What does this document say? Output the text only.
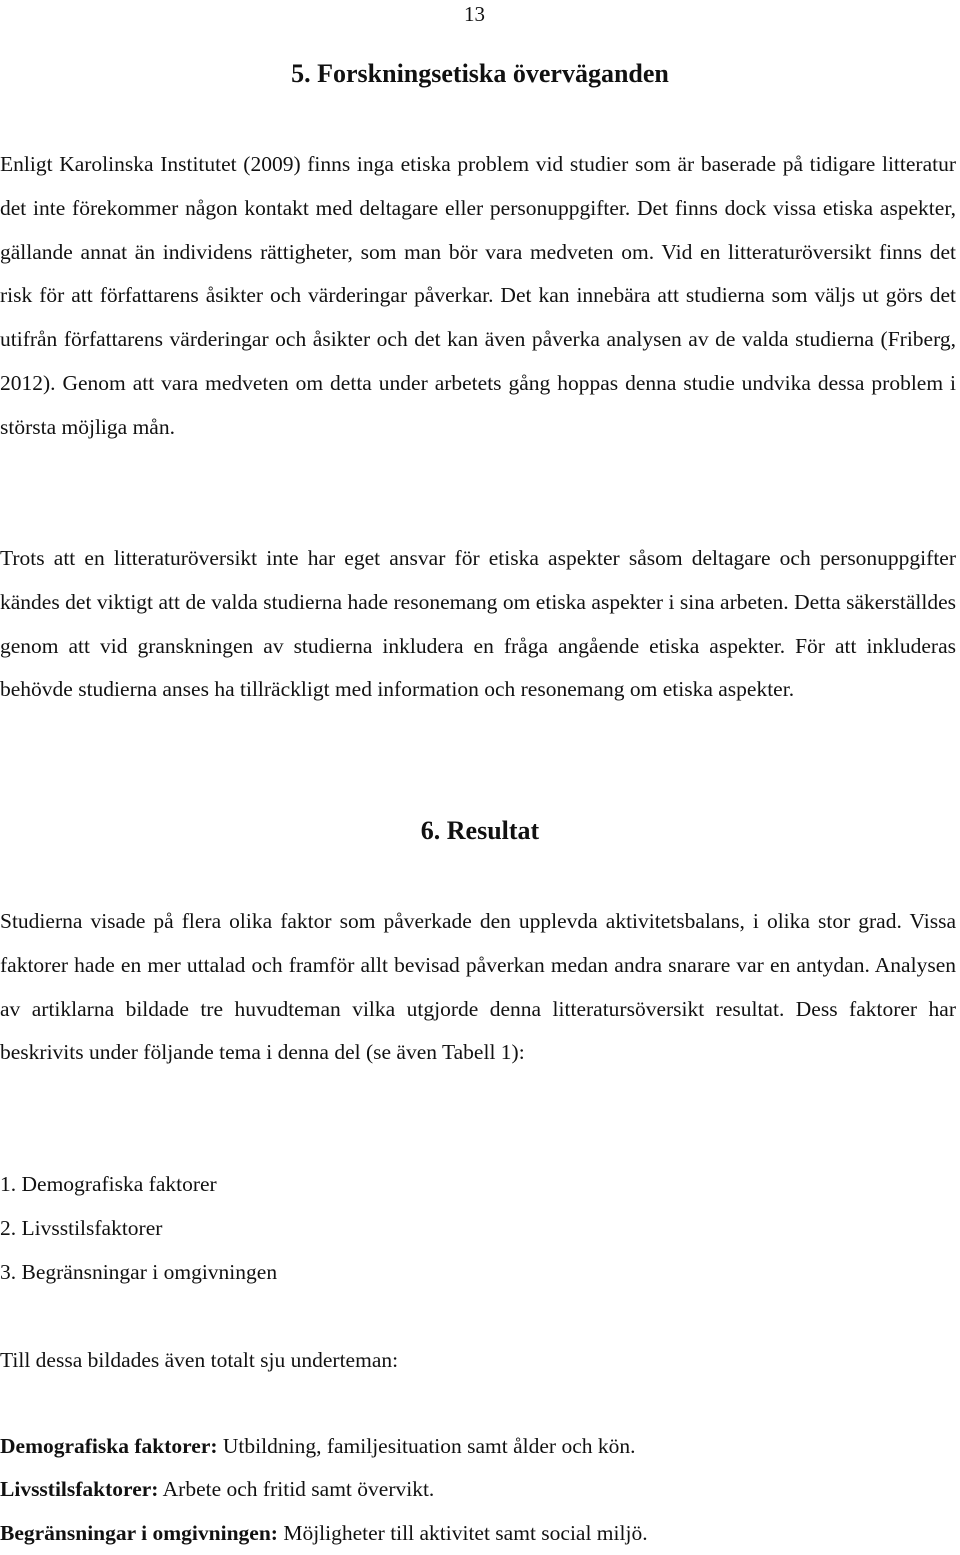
13
5. Forskningsetiska överväganden

Enligt Karolinska Institutet (2009) finns inga etiska problem vid studier som är baserade på tidigare litteratur det inte förekommer någon kontakt med deltagare eller personuppgifter. Det finns dock vissa etiska aspekter, gällande annat än individens rättigheter, som man bör vara medveten om. Vid en litteraturöversikt finns det risk för att författarens åsikter och värderingar påverkar. Det kan innebära att studierna som väljs ut görs det utifrån författarens värderingar och åsikter och det kan även påverka analysen av de valda studierna (Friberg, 2012). Genom att vara medveten om detta under arbetets gång hoppas denna studie undvika dessa problem i största möjliga mån.

Trots att en litteraturöversikt inte har eget ansvar för etiska aspekter såsom deltagare och personuppgifter kändes det viktigt att de valda studierna hade resonemang om etiska aspekter i sina arbeten. Detta säkerställdes genom att vid granskningen av studierna inkludera en fråga angående etiska aspekter. För att inkluderas behövde studierna anses ha tillräckligt med information och resonemang om etiska aspekter.

6. Resultat

Studierna visade på flera olika faktor som påverkade den upplevda aktivitetsbalans, i olika stor grad. Vissa faktorer hade en mer uttalad och framför allt bevisad påverkan medan andra snarare var en antydan. Analysen av artiklarna bildade tre huvudteman vilka utgjorde denna litteratursöversikt resultat. Dess faktorer har beskrivits under följande tema i denna del (se även Tabell 1):

1. Demografiska faktorer
2. Livsstilsfaktorer
3. Begränsningar i omgivningen

Till dessa bildades även totalt sju underteman:

Demografiska faktorer: Utbildning, familjesituation samt ålder och kön.

Livsstilsfaktorer: Arbete och fritid samt övervikt.

Begränsningar i omgivningen: Möjligheter till aktivitet samt social miljö.
